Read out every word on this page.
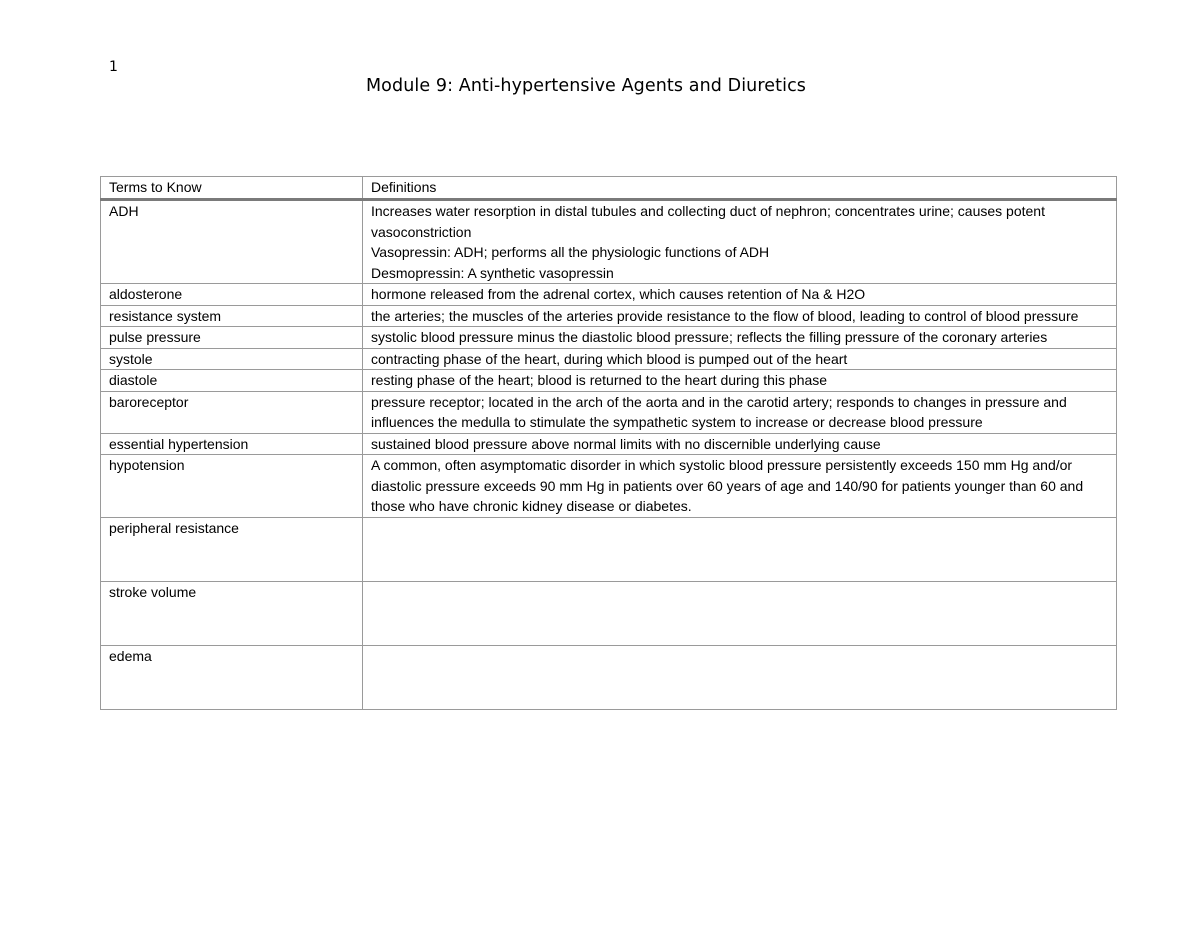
1
Module 9: Anti-hypertensive Agents and Diuretics
Terms to Know	Definitions
ADH	Increases water resorption in distal tubules and collecting duct of nephron; concentrates urine; causes potent vasoconstriction
Vasopressin: ADH; performs all the physiologic functions of ADH
Desmopressin: A synthetic vasopressin

aldosterone	hormone released from the adrenal cortex, which causes retention of Na & H2O
resistance system	the arteries; the muscles of the arteries provide resistance to the flow of blood, leading to control of blood pressure
pulse pressure	systolic blood pressure minus the diastolic blood pressure; reflects the filling pressure of the coronary arteries
systole	contracting phase of the heart, during which blood is pumped out of the heart
diastole	resting phase of the heart; blood is returned to the heart during this phase
baroreceptor	pressure receptor; located in the arch of the aorta and in the carotid artery; responds to changes in pressure and influences the medulla to stimulate the sympathetic system to increase or decrease blood pressure
essential hypertension	sustained blood pressure above normal limits with no discernible underlying cause
hypotension	A common, often asymptomatic disorder in which systolic blood pressure persistently exceeds 150 mm Hg and/or diastolic pressure exceeds 90 mm Hg in patients over 60 years of age and 140/90 for patients younger than 60 and those who have chronic kidney disease or diabetes.
peripheral resistance	
stroke volume	
edema	
